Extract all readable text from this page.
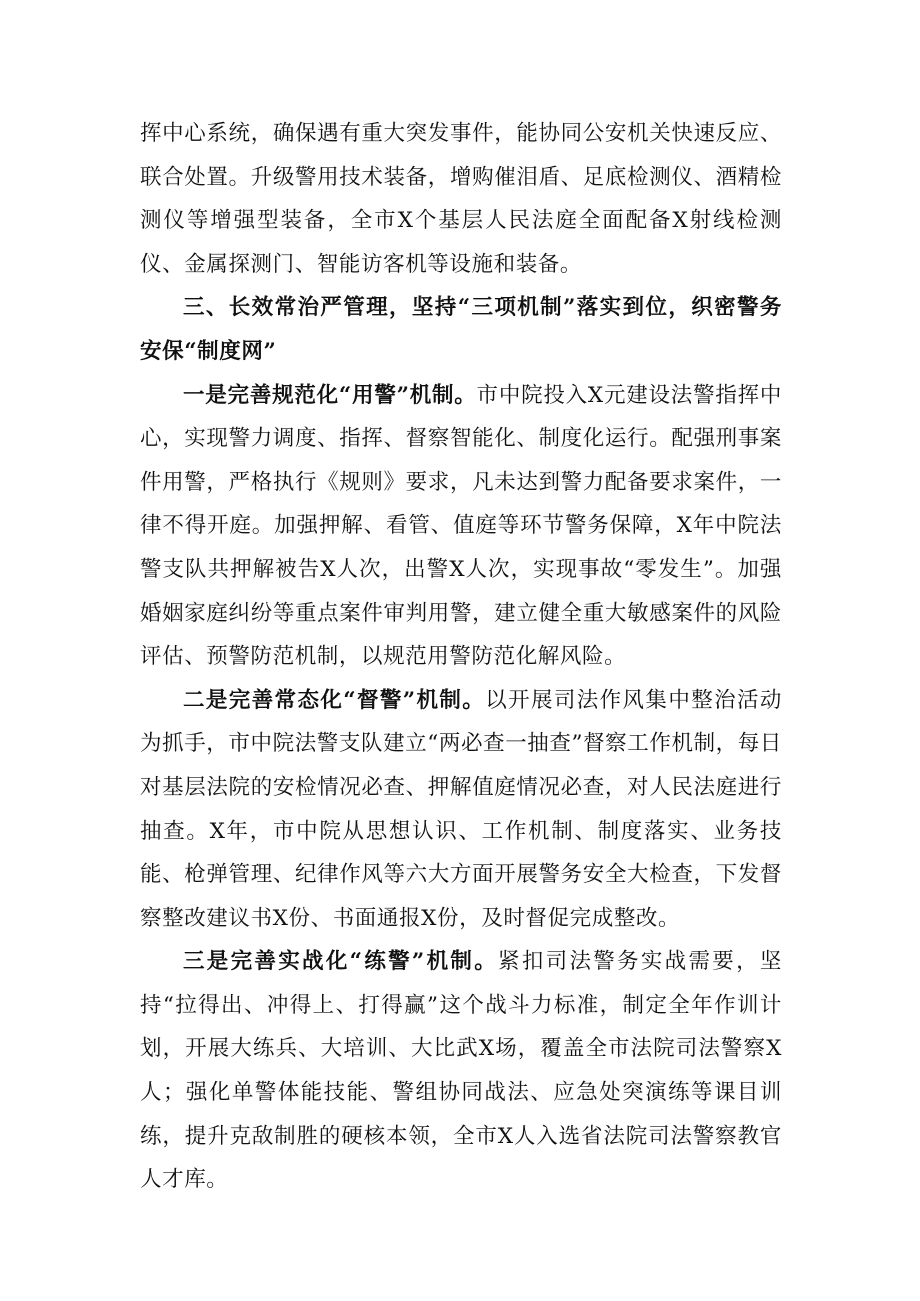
挥中心系统，确保遇有重大突发事件，能协同公安机关快速反应、联合处置。升级警用技术装备，增购催泪盾、足底检测仪、酒精检测仪等增强型装备，全市X个基层人民法庭全面配备X射线检测仪、金属探测门、智能访客机等设施和装备。

三、长效常治严管理，坚持“三项机制”落实到位，织密警务安保“制度网”

一是完善规范化“用警”机制。市中院投入X元建设法警指挥中心，实现警力调度、指挥、督察智能化、制度化运行。配强刑事案件用警，严格执行《规则》要求，凡未达到警力配备要求案件，一律不得开庭。加强押解、看管、值庭等环节警务保障，X年中院法警支队共押解被告X人次，出警X人次，实现事故“零发生”。加强婚姻家庭纠纷等重点案件审判用警，建立健全重大敏感案件的风险评估、预警防范机制，以规范用警防范化解风险。

二是完善常态化“督警”机制。以开展司法作风集中整治活动为抓手，市中院法警支队建立“两必查一抽查”督察工作机制，每日对基层法院的安检情况必查、押解值庭情况必查，对人民法庭进行抽查。X年，市中院从思想认识、工作机制、制度落实、业务技能、枪弹管理、纪律作风等六大方面开展警务安全大检查，下发督察整改建议书X份、书面通报X份，及时督促完成整改。

三是完善实战化“练警”机制。紧扣司法警务实战需要，坚持“拉得出、冲得上、打得赢”这个战斗力标准，制定全年作训计划，开展大练兵、大培训、大比武X场，覆盖全市法院司法警察X人；强化单警体能技能、警组协同战法、应急处突演练等课目训练，提升克敌制胜的硬核本领，全市X人入选省法院司法警察教官人才库。
